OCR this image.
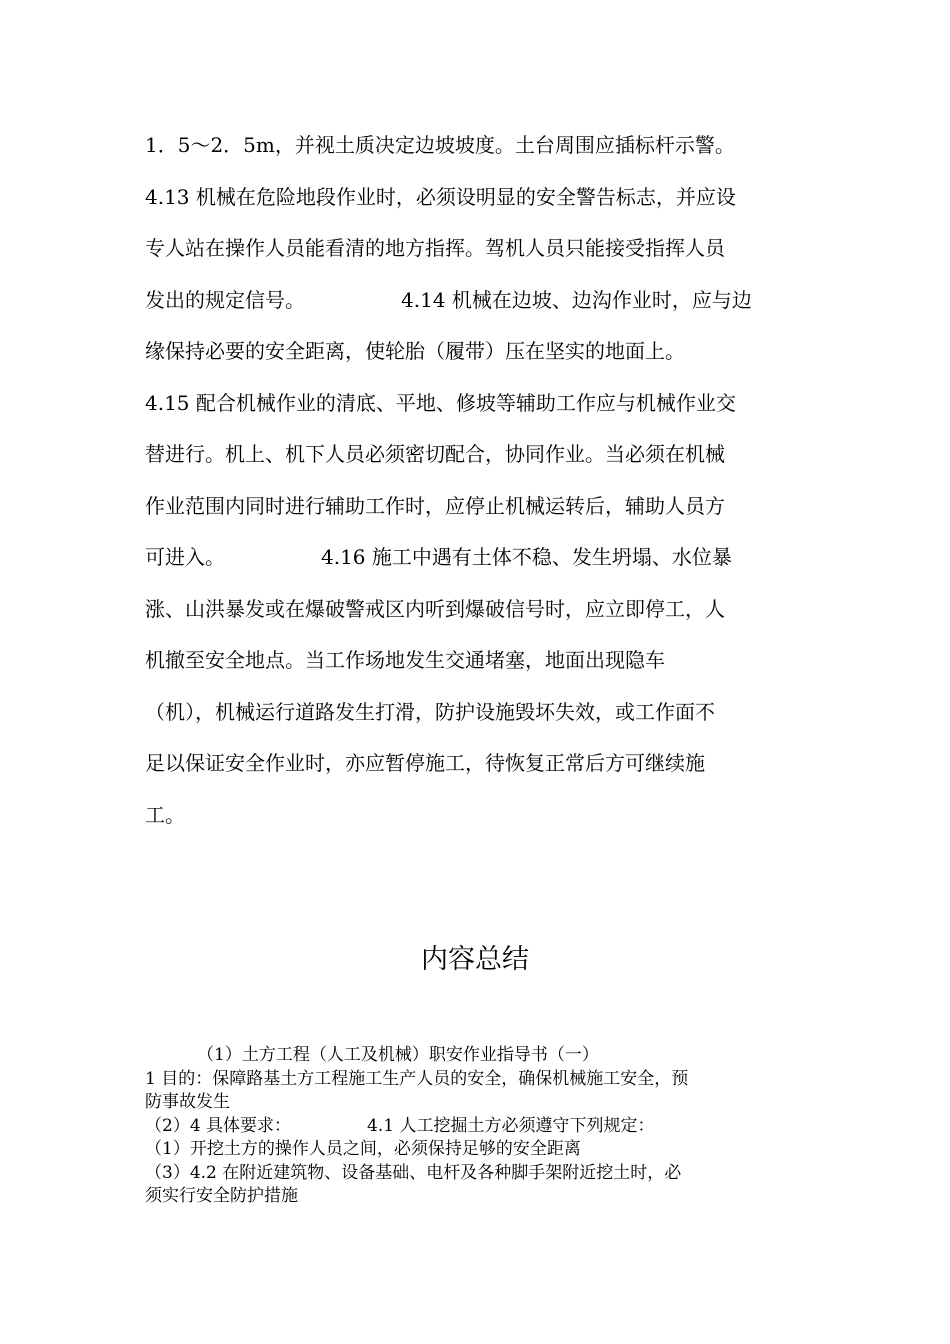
1．5～2．5m，并视土质决定边坡坡度。土台周围应插标杆示警。
4.13 机械在危险地段作业时，必须设明显的安全警告标志，并应设
专人站在操作人员能看清的地方指挥。驾机人员只能接受指挥人员
发出的规定信号。	4.14 机械在边坡、边沟作业时，应与边
缘保持必要的安全距离，使轮胎（履带）压在坚实的地面上。
4.15 配合机械作业的清底、平地、修坡等辅助工作应与机械作业交
替进行。机上、机下人员必须密切配合，协同作业。当必须在机械
作业范围内同时进行辅助工作时，应停止机械运转后，辅助人员方
可进入。	4.16 施工中遇有土体不稳、发生坍塌、水位暴
涨、山洪暴发或在爆破警戒区内听到爆破信号时，应立即停工，人
机撤至安全地点。当工作场地发生交通堵塞，地面出现隐车
（机），机械运行道路发生打滑，防护设施毁坏失效，或工作面不
足以保证安全作业时，亦应暂停施工，待恢复正常后方可继续施
工。
内容总结
（1）土方工程（人工及机械）职安作业指导书（一）
1 目的：保障路基土方工程施工生产人员的安全，确保机械施工安全，预
防事故发生
（2）4 具体要求：	4.1 人工挖掘土方必须遵守下列规定：
（1）开挖土方的操作人员之间，必须保持足够的安全距离
（3）4.2 在附近建筑物、设备基础、电杆及各种脚手架附近挖土时，必
须实行安全防护措施
